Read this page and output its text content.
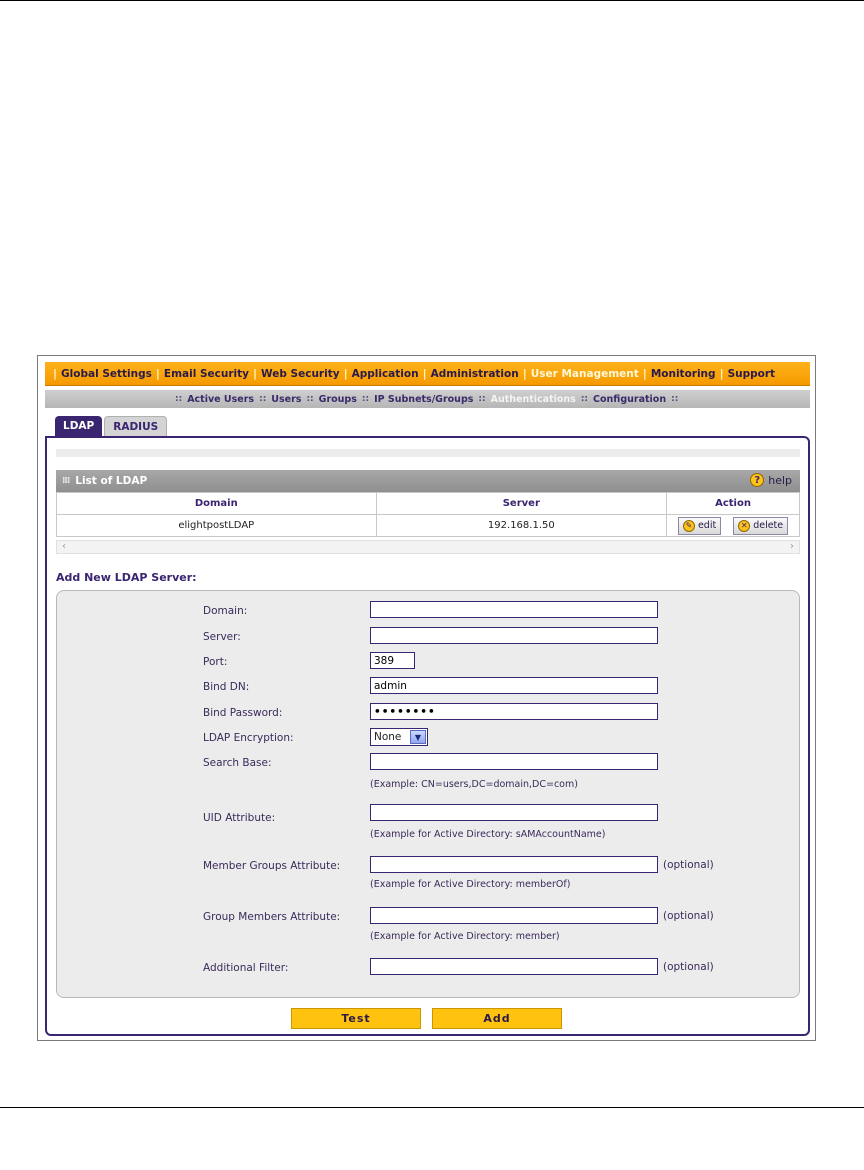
| Global Settings | Email Security | Web Security | Application | Administration | User Management | Monitoring | Support
:: Active Users :: Users :: Groups :: IP Subnets/Groups :: Authentications :: Configuration ::
LDAP	RADIUS
⁞⁞⁞ List of LDAP	? help
Domain	Server	Action
elightpostLDAP	192.168.1.50	✎ edit ✕ delete
‹	›
Add New LDAP Server:
Domain:
Server:
Port:
389
Bind DN:
admin
Bind Password:
••••••••
LDAP Encryption:	None	▼
Search Base:
(Example: CN=users,DC=domain,DC=com)
UID Attribute:
(Example for Active Directory: sAMAccountName)
Member Groups Attribute:	(optional)
(Example for Active Directory: memberOf)
Group Members Attribute:	(optional)
(Example for Active Directory: member)
Additional Filter:	(optional)
Test	Add
